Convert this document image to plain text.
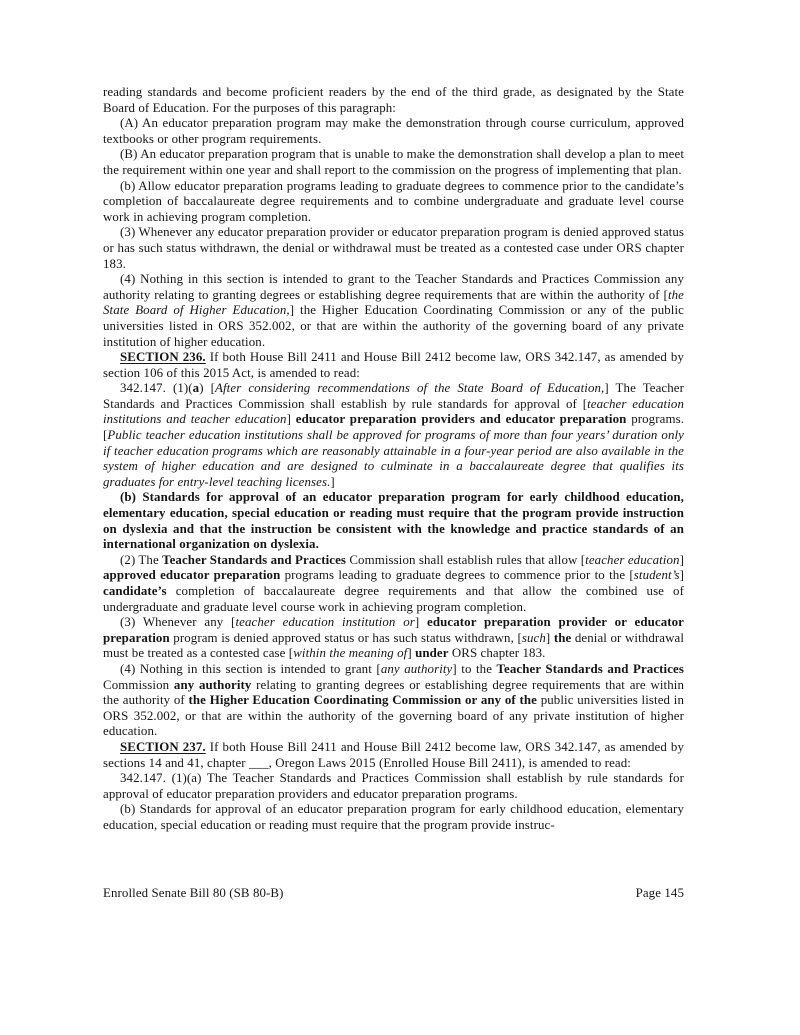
reading standards and become proficient readers by the end of the third grade, as designated by the State Board of Education. For the purposes of this paragraph:

(A) An educator preparation program may make the demonstration through course curriculum, approved textbooks or other program requirements.

(B) An educator preparation program that is unable to make the demonstration shall develop a plan to meet the requirement within one year and shall report to the commission on the progress of implementing that plan.

(b) Allow educator preparation programs leading to graduate degrees to commence prior to the candidate’s completion of baccalaureate degree requirements and to combine undergraduate and graduate level course work in achieving program completion.

(3) Whenever any educator preparation provider or educator preparation program is denied approved status or has such status withdrawn, the denial or withdrawal must be treated as a contested case under ORS chapter 183.

(4) Nothing in this section is intended to grant to the Teacher Standards and Practices Commission any authority relating to granting degrees or establishing degree requirements that are within the authority of [the State Board of Higher Education,] the Higher Education Coordinating Commission or any of the public universities listed in ORS 352.002, or that are within the authority of the governing board of any private institution of higher education.

SECTION 236. If both House Bill 2411 and House Bill 2412 become law, ORS 342.147, as amended by section 106 of this 2015 Act, is amended to read:

342.147. (1)(a) [After considering recommendations of the State Board of Education,] The Teacher Standards and Practices Commission shall establish by rule standards for approval of [teacher education institutions and teacher education] educator preparation providers and educator preparation programs. [Public teacher education institutions shall be approved for programs of more than four years’ duration only if teacher education programs which are reasonably attainable in a four-year period are also available in the system of higher education and are designed to culminate in a baccalaureate degree that qualifies its graduates for entry-level teaching licenses.]

(b) Standards for approval of an educator preparation program for early childhood education, elementary education, special education or reading must require that the program provide instruction on dyslexia and that the instruction be consistent with the knowledge and practice standards of an international organization on dyslexia.

(2) The Teacher Standards and Practices Commission shall establish rules that allow [teacher education] approved educator preparation programs leading to graduate degrees to commence prior to the [student’s] candidate’s completion of baccalaureate degree requirements and that allow the combined use of undergraduate and graduate level course work in achieving program completion.

(3) Whenever any [teacher education institution or] educator preparation provider or educator preparation program is denied approved status or has such status withdrawn, [such] the denial or withdrawal must be treated as a contested case [within the meaning of] under ORS chapter 183.

(4) Nothing in this section is intended to grant [any authority] to the Teacher Standards and Practices Commission any authority relating to granting degrees or establishing degree requirements that are within the authority of the Higher Education Coordinating Commission or any of the public universities listed in ORS 352.002, or that are within the authority of the governing board of any private institution of higher education.

SECTION 237. If both House Bill 2411 and House Bill 2412 become law, ORS 342.147, as amended by sections 14 and 41, chapter ___, Oregon Laws 2015 (Enrolled House Bill 2411), is amended to read:

342.147. (1)(a) The Teacher Standards and Practices Commission shall establish by rule standards for approval of educator preparation providers and educator preparation programs.

(b) Standards for approval of an educator preparation program for early childhood education, elementary education, special education or reading must require that the program provide instruc-

Enrolled Senate Bill 80 (SB 80-B)	Page 145
